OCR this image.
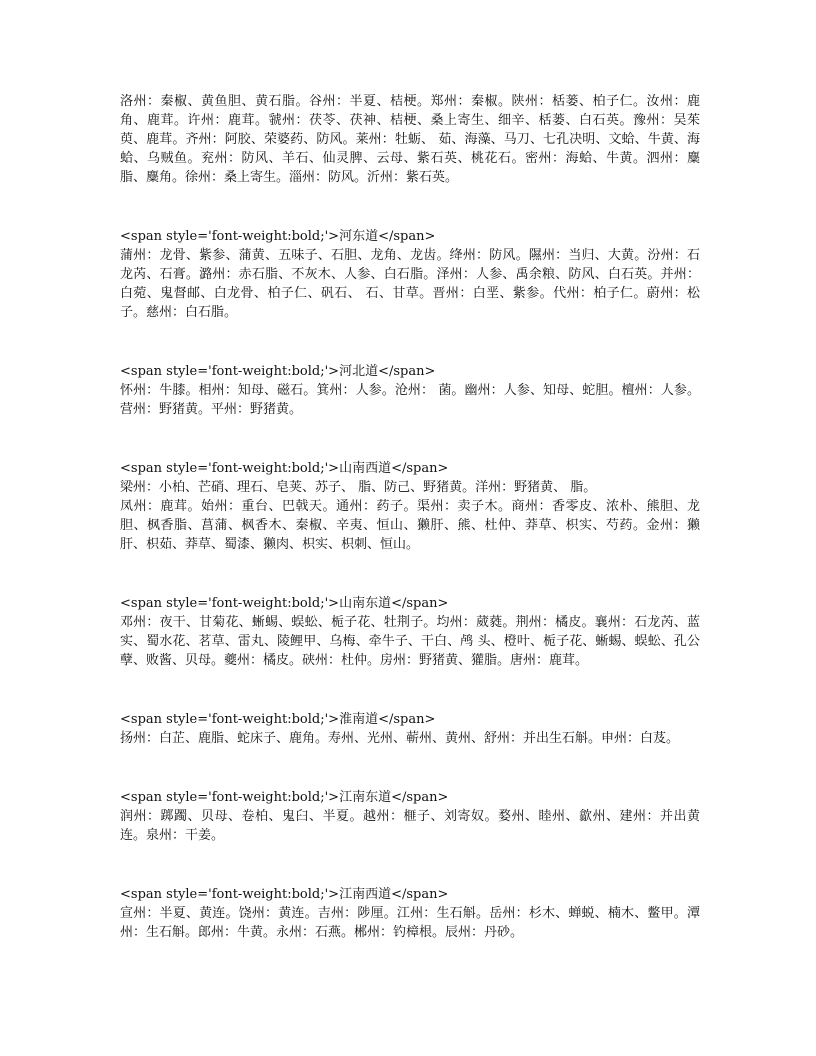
洛州：秦椒、黄鱼胆、黄石脂。谷州：半夏、桔梗。郑州：秦椒。陕州：栝蒌、柏子仁。汝州：鹿角、鹿茸。许州：鹿茸。虢州：茯苓、茯神、桔梗、桑上寄生、细辛、栝蒌、白石英。豫州：吴茱萸、鹿茸。齐州：阿胶、荣婆药、防风。莱州：牡蛎、 茹、海藻、马刀、七孔决明、文蛤、牛黄、海蛤、乌贼鱼。兖州：防风、羊石、仙灵脾、云母、紫石英、桃花石。密州：海蛤、牛黄。泗州：麋脂、麋角。徐州：桑上寄生。淄州：防风。沂州：紫石英。

<span style='font-weight:bold;'>河东道</span>

蒲州：龙骨、紫参、蒲黄、五味子、石胆、龙角、龙齿。绛州：防风。隰州：当归、大黄。汾州：石龙芮、石膏。潞州：赤石脂、不灰木、人参、白石脂。泽州：人参、禹余粮、防风、白石英。并州：白菀、鬼督邮、白龙骨、柏子仁、矾石、 石、甘草。晋州：白垩、紫参。代州：柏子仁。蔚州：松子。慈州：白石脂。

<span style='font-weight:bold;'>河北道</span>

怀州：牛膝。相州：知母、磁石。箕州：人参。沧州： 菌。幽州：人参、知母、蛇胆。檀州：人参。营州：野猪黄。平州：野猪黄。

<span style='font-weight:bold;'>山南西道</span>

梁州：小柏、芒硝、理石、皂荚、苏子、 脂、防己、野猪黄。洋州：野猪黄、 脂。
凤州：鹿茸。始州：重台、巴戟天。通州：药子。渠州：卖子木。商州：香零皮、浓朴、熊胆、龙胆、枫香脂、菖蒲、枫香木、秦椒、辛夷、恒山、獭肝、熊、杜仲、莽草、枳实、芍药。金州：獭肝、枳茹、莽草、蜀漆、獭肉、枳实、枳刺、恒山。

<span style='font-weight:bold;'>山南东道</span>

邓州：夜干、甘菊花、蜥蜴、蜈蚣、栀子花、牡荆子。均州：葳蕤。荆州：橘皮。襄州：石龙芮、蓝实、蜀水花、茗草、雷丸、陵鲤甲、乌梅、牵牛子、干白、鸬 头、橙叶、栀子花、蜥蜴、蜈蚣、孔公孽、败酱、贝母。夔州：橘皮。硖州：杜仲。房州：野猪黄、獾脂。唐州：鹿茸。

<span style='font-weight:bold;'>淮南道</span>

扬州：白芷、鹿脂、蛇床子、鹿角。寿州、光州、蕲州、黄州、舒州：并出生石斛。申州：白芨。

<span style='font-weight:bold;'>江南东道</span>

润州：踯躅、贝母、卷柏、鬼臼、半夏。越州：榧子、刘寄奴。婺州、睦州、歙州、建州：并出黄连。泉州：干姜。

<span style='font-weight:bold;'>江南西道</span>

宣州：半夏、黄连。饶州：黄连。吉州：陟厘。江州：生石斛。岳州：杉木、蝉蜕、楠木、鳖甲。潭州：生石斛。郎州：牛黄。永州：石燕。郴州：钓樟根。辰州：丹砂。
